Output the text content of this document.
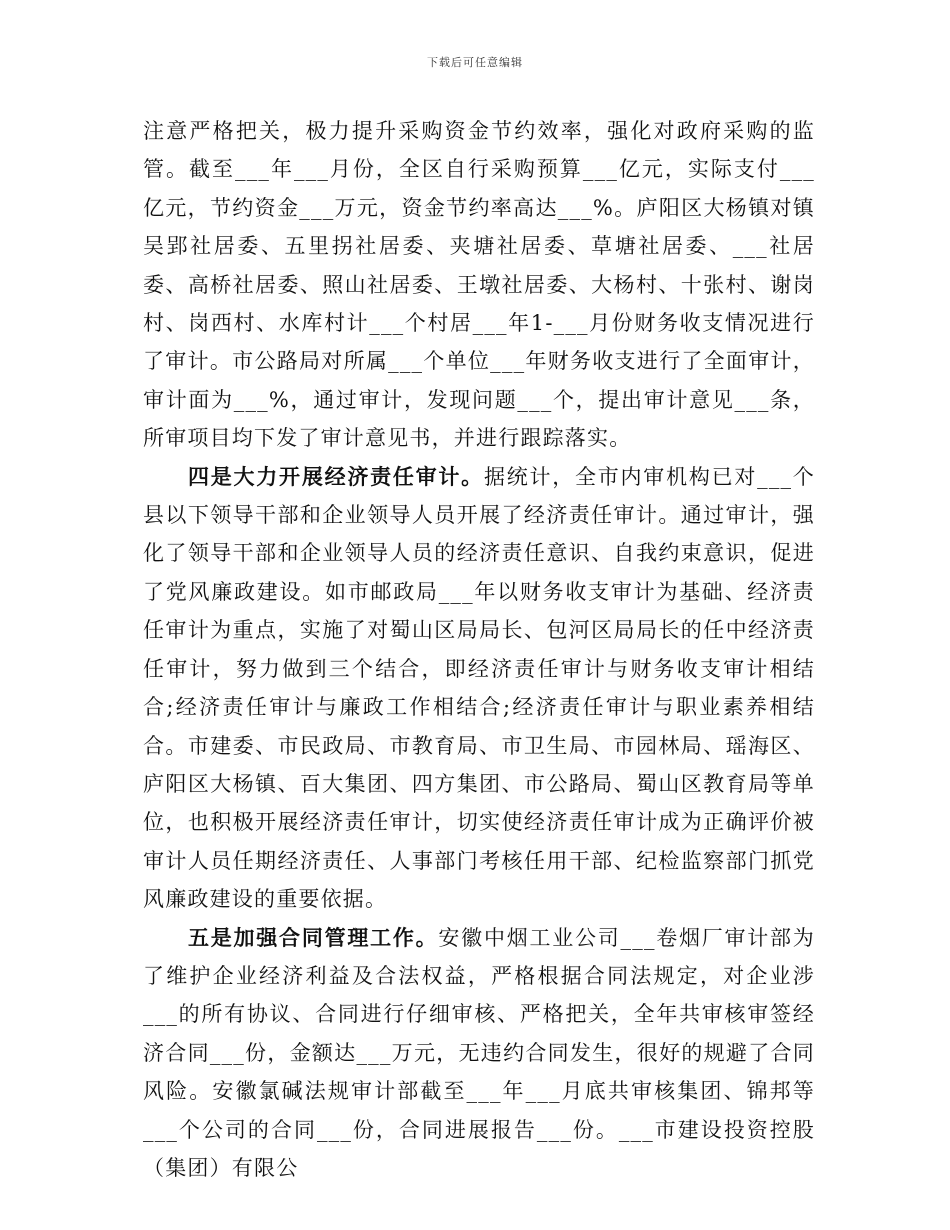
下载后可任意编辑

注意严格把关，极力提升采购资金节约效率，强化对政府采购的监管。截至___年___月份，全区自行采购预算___亿元，实际支付___亿元，节约资金___万元，资金节约率高达___%。庐阳区大杨镇对镇吴郢社居委、五里拐社居委、夹塘社居委、草塘社居委、___社居委、高桥社居委、照山社居委、王墩社居委、大杨村、十张村、谢岗村、岗西村、水库村计___个村居___年1-___月份财务收支情况进行了审计。市公路局对所属___个单位___年财务收支进行了全面审计，审计面为___%，通过审计，发现问题___个，提出审计意见___条，所审项目均下发了审计意见书，并进行跟踪落实。

四是大力开展经济责任审计。据统计，全市内审机构已对___个县以下领导干部和企业领导人员开展了经济责任审计。通过审计，强化了领导干部和企业领导人员的经济责任意识、自我约束意识，促进了党风廉政建设。如市邮政局___年以财务收支审计为基础、经济责任审计为重点，实施了对蜀山区局局长、包河区局局长的任中经济责任审计，努力做到三个结合，即经济责任审计与财务收支审计相结合;经济责任审计与廉政工作相结合;经济责任审计与职业素养相结合。市建委、市民政局、市教育局、市卫生局、市园林局、瑶海区、庐阳区大杨镇、百大集团、四方集团、市公路局、蜀山区教育局等单位，也积极开展经济责任审计，切实使经济责任审计成为正确评价被审计人员任期经济责任、人事部门考核任用干部、纪检监察部门抓党风廉政建设的重要依据。

五是加强合同管理工作。安徽中烟工业公司___卷烟厂审计部为了维护企业经济利益及合法权益，严格根据合同法规定，对企业涉___的所有协议、合同进行仔细审核、严格把关，全年共审核审签经济合同___份，金额达___万元，无违约合同发生，很好的规避了合同风险。安徽氯碱法规审计部截至___年___月底共审核集团、锦邦等___个公司的合同___份，合同进展报告___份。___市建设投资控股（集团）有限公
